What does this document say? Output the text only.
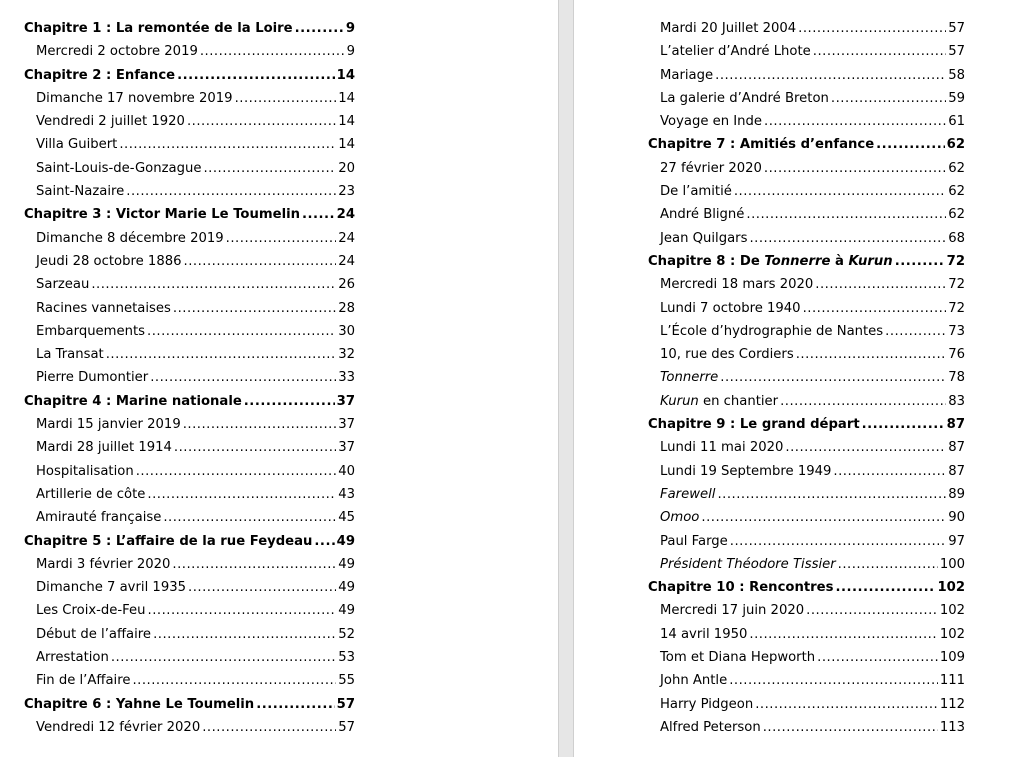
Chapitre 1 : La remontée de la Loire .....	9
Mercredi 2 octobre 2019 .....	9
Chapitre 2 : Enfance .....	14
Dimanche 17 novembre 2019 .....	14
Vendredi 2 juillet 1920 .....	14
Villa Guibert .....	14
Saint-Louis-de-Gonzague .....	20
Saint-Nazaire .....	23
Chapitre 3 : Victor Marie Le Toumelin .....	24
Dimanche 8 décembre 2019 .....	24
Jeudi 28 octobre 1886 .....	24
Sarzeau .....	26
Racines vannetaises .....	28
Embarquements .....	30
La Transat .....	32
Pierre Dumontier .....	33
Chapitre 4 : Marine nationale .....	37
Mardi 15 janvier 2019 .....	37
Mardi 28 juillet 1914 .....	37
Hospitalisation .....	40
Artillerie de côte .....	43
Amirauté française .....	45
Chapitre 5 : L’affaire de la rue Feydeau ..... 49
Mardi 3 février 2020 .....	49
Dimanche 7 avril 1935 .....	49
Les Croix-de-Feu .....	49
Début de l’affaire .....	52
Arrestation .....	53
Fin de l’Affaire .....	55
Chapitre 6 : Yahne Le Toumelin .....	57
Vendredi 12 février 2020 .....	57
Mardi 20 Juillet 2004 .....	57
L’atelier d’André Lhote .....	57
Mariage .....	58
La galerie d’André Breton .....	59
Voyage en Inde .....	61
Chapitre 7 : Amitiés d’enfance .....	62
27 février 2020 .....	62
De l’amitié .....	62
André Bligné .....	62
Jean Quilgars .....	68
Chapitre 8 : De Tonnerre à Kurun .....	72
Mercredi 18 mars 2020 .....	72
Lundi 7 octobre 1940 .....	72
L’École d’hydrographie de Nantes .....	73
10, rue des Cordiers .....	76
Tonnerre .....	78
Kurun en chantier .....	83
Chapitre 9 : Le grand départ .....	87
Lundi 11 mai 2020 .....	87
Lundi 19 Septembre 1949 .....	87
Farewell .....	89
Omoo .....	90
Paul Farge .....	97
Président Théodore Tissier .....	100
Chapitre 10 : Rencontres .....	102
Mercredi 17 juin 2020 .....	102
14 avril 1950 .....	102
Tom et Diana Hepworth .....	109
John Antle .....	111
Harry Pidgeon .....	112
Alfred Peterson .....	113
